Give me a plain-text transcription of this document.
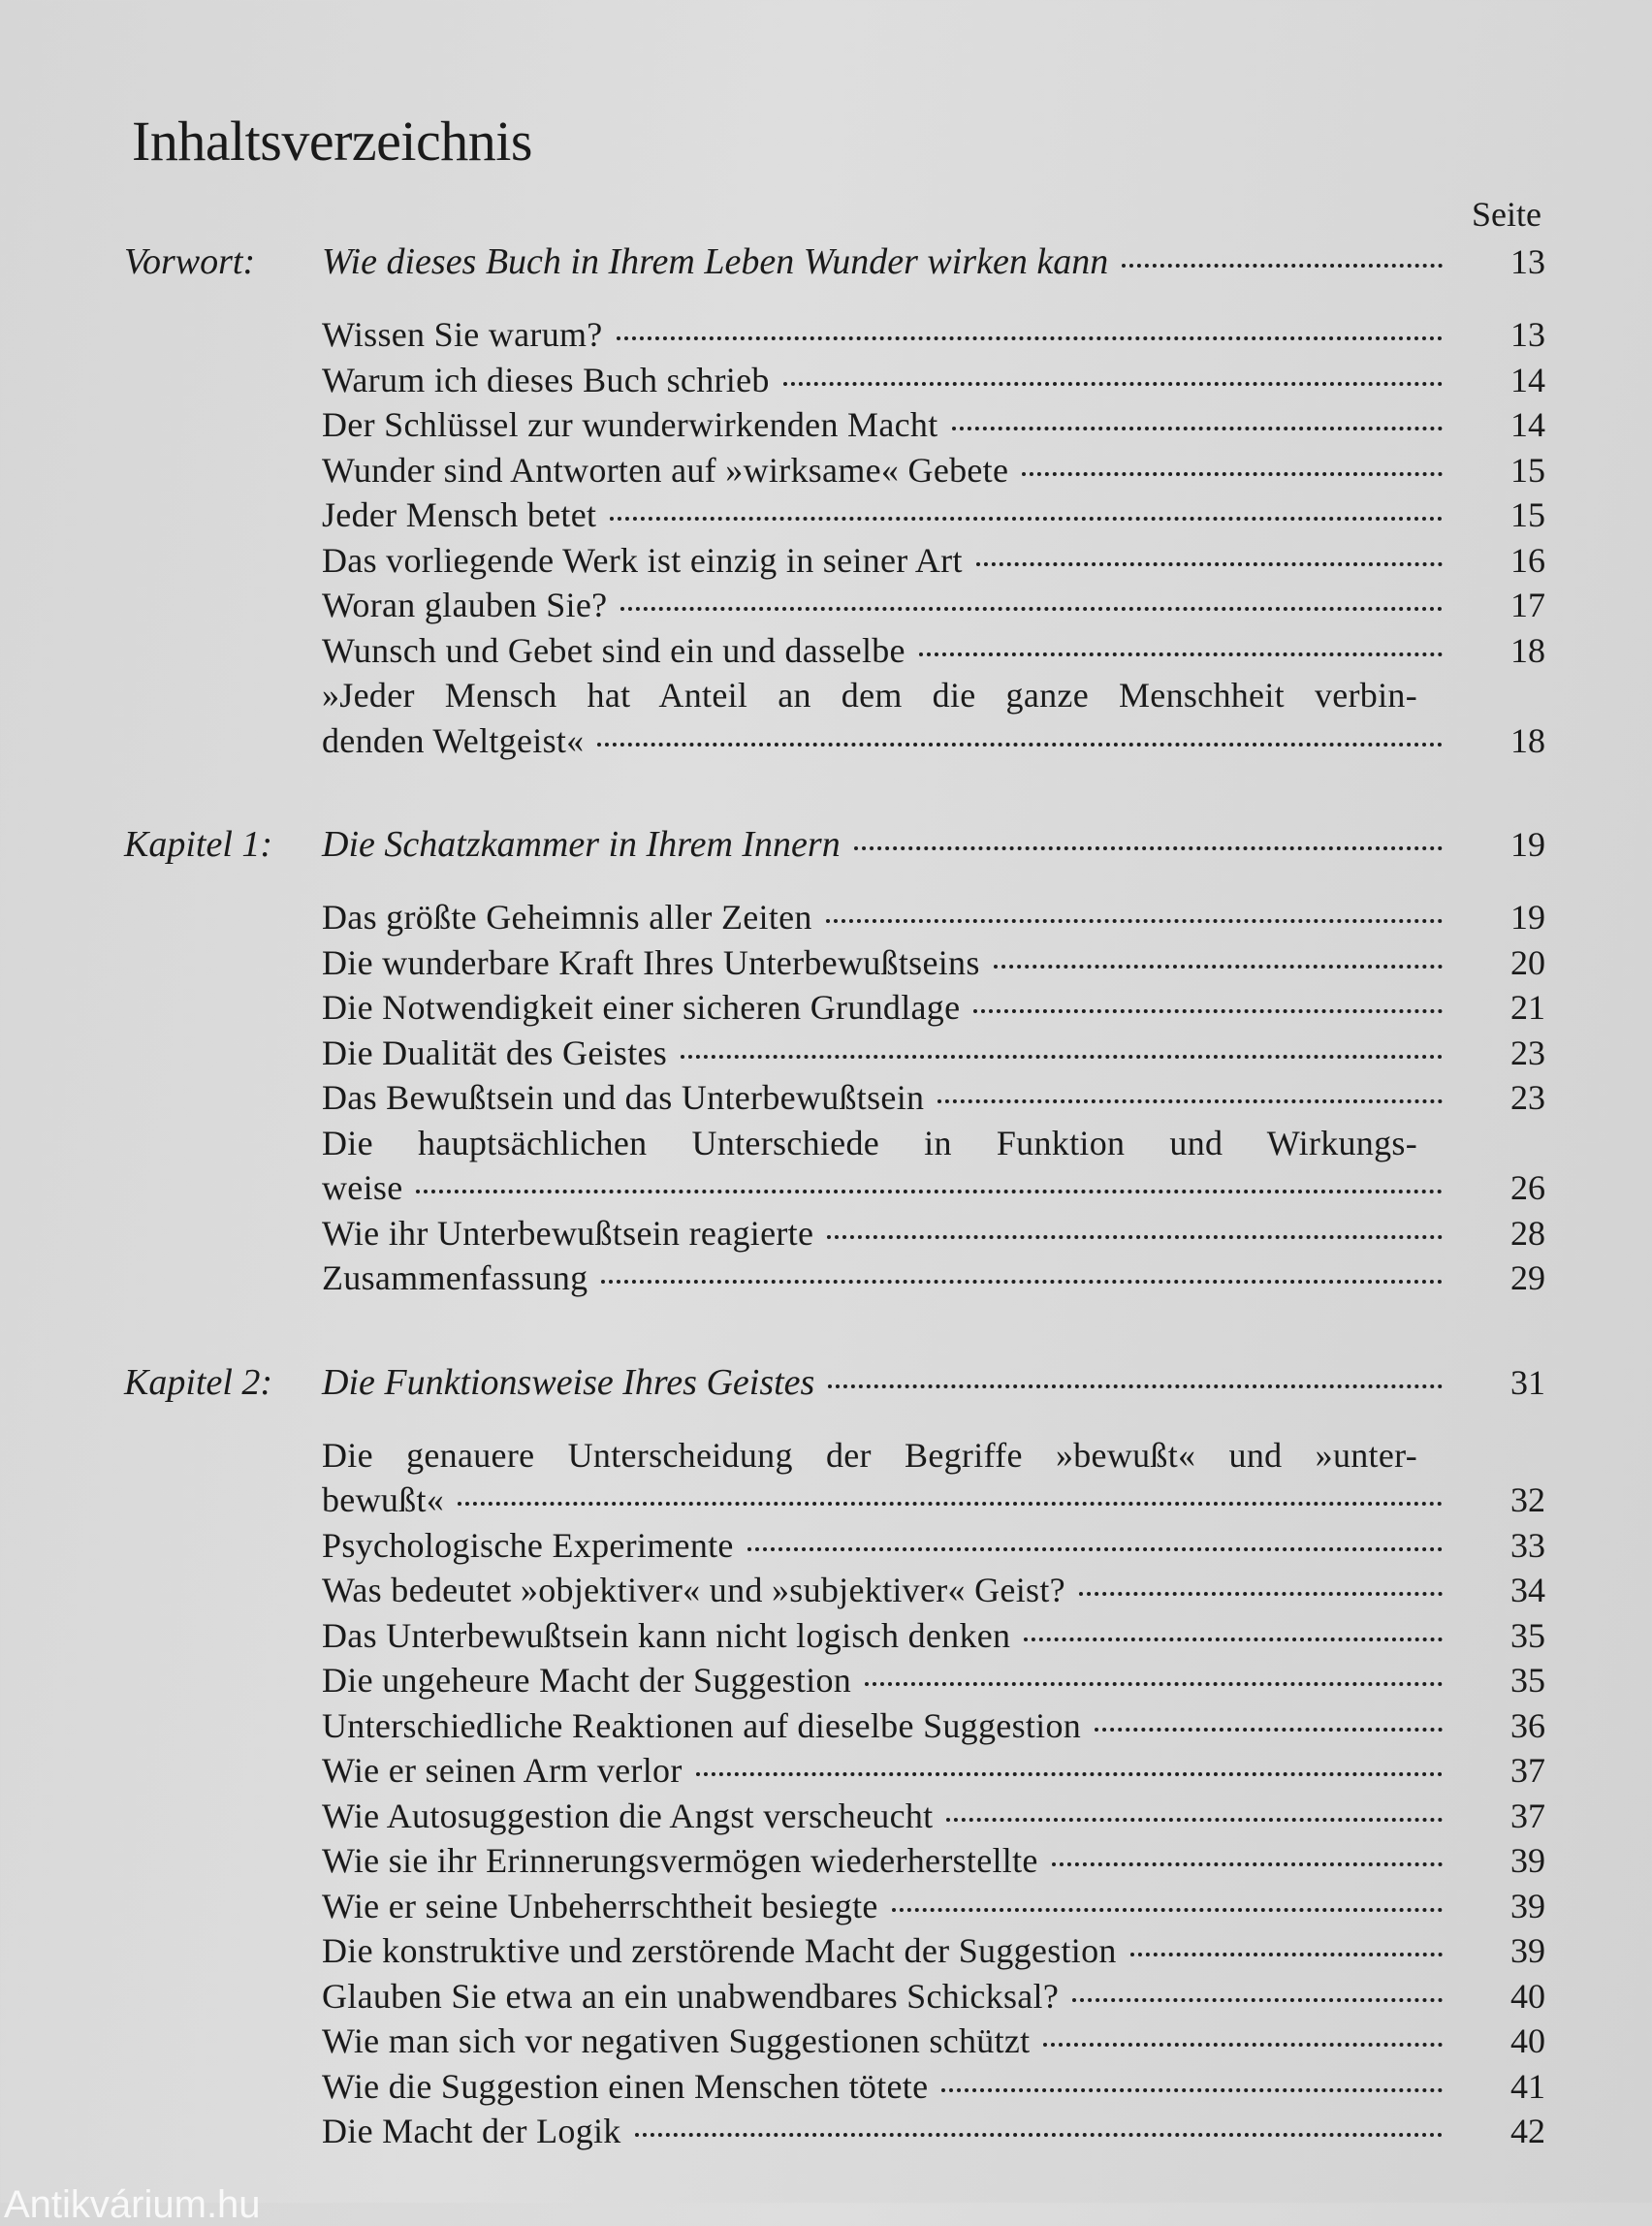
Inhaltsverzeichnis
Seite
Vorwort:	Wie dieses Buch in Ihrem Leben Wunder wirken kann	13
Wissen Sie warum?	13
Warum ich dieses Buch schrieb	14
Der Schlüssel zur wunderwirkenden Macht	14
Wunder sind Antworten auf »wirksame« Gebete	15
Jeder Mensch betet	15
Das vorliegende Werk ist einzig in seiner Art	16
Woran glauben Sie?	17
Wunsch und Gebet sind ein und dasselbe	18
»Jeder Mensch hat Anteil an dem die ganze Menschheit verbin-
denden Weltgeist«	18
Kapitel 1:	Die Schatzkammer in Ihrem Innern	19
Das größte Geheimnis aller Zeiten	19
Die wunderbare Kraft Ihres Unterbewußtseins	20
Die Notwendigkeit einer sicheren Grundlage	21
Die Dualität des Geistes	23
Das Bewußtsein und das Unterbewußtsein	23
Die hauptsächlichen Unterschiede in Funktion und Wirkungs-
weise	26
Wie ihr Unterbewußtsein reagierte	28
Zusammenfassung	29
Kapitel 2:	Die Funktionsweise Ihres Geistes	31
Die genauere Unterscheidung der Begriffe »bewußt« und »unter-
bewußt«	32
Psychologische Experimente	33
Was bedeutet »objektiver« und »subjektiver« Geist?	34
Das Unterbewußtsein kann nicht logisch denken	35
Die ungeheure Macht der Suggestion	35
Unterschiedliche Reaktionen auf dieselbe Suggestion	36
Wie er seinen Arm verlor	37
Wie Autosuggestion die Angst verscheucht	37
Wie sie ihr Erinnerungsvermögen wiederherstellte	39
Wie er seine Unbeherrschtheit besiegte	39
Die konstruktive und zerstörende Macht der Suggestion	39
Glauben Sie etwa an ein unabwendbares Schicksal?	40
Wie man sich vor negativen Suggestionen schützt	40
Wie die Suggestion einen Menschen tötete	41
Die Macht der Logik	42
Antikvárium.hu
